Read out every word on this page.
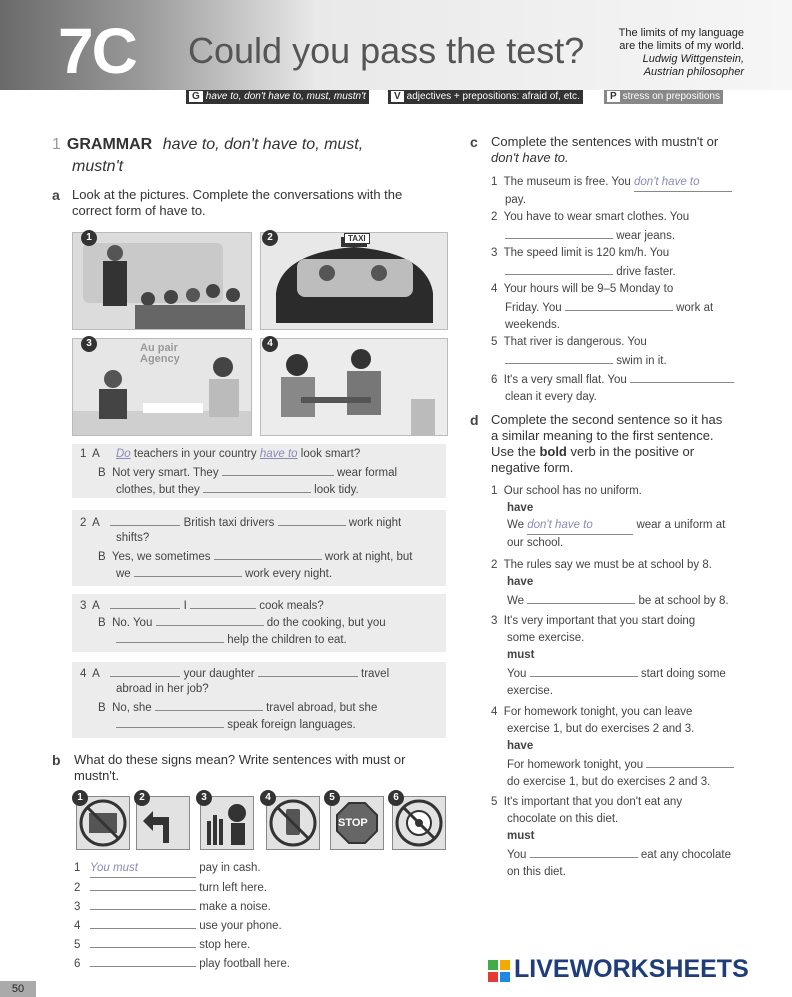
7C Could you pass the test?	The limits of my language
are the limits of my world.
Ludwig Wittgenstein,
Austrian philosopher
G have to, don't have to, must, mustn't	V adjectives + prepositions: afraid of, etc.	P stress on prepositions
1 GRAMMAR have to, don't have to, must,
mustn't
a Look at the pictures. Complete the conversations with the
correct form of have to.
1	2	TAXI
Au pair Agency
3	4
1 A Do teachers in your country have to look smart?
B Not very smart. They	wear formal
clothes, but they	look tidy.
2 A	British taxi drivers	work night
shifts?
B Yes, we sometimes	work at night, but
we	work every night.
3 A	I	cook meals?
B No. You	do the cooking, but you
help the children to eat.
4 A	your daughter	travel
abroad in her job?
B No, she	travel abroad, but she
speak foreign languages.
b What do these signs mean? Write sentences with must or
mustn't.
STOP
1	2	3	4	5	6
1 You must	pay in cash.
2	turn left here.
3	make a noise.
4	use your phone.
5	stop here.
6	play football here.
c Complete the sentences with mustn't or
don't have to.
1 The museum is free. You don't have to
pay.
2 You have to wear smart clothes. You
wear jeans.
3 The speed limit is 120 km/h. You
drive faster.
4 Your hours will be 9–5 Monday to
Friday. You	work at
weekends.
5 That river is dangerous. You
swim in it.
6 It's a very small flat. You
clean it every day.
d Complete the second sentence so it has
a similar meaning to the first sentence.
Use the bold verb in the positive or
negative form.
1 Our school has no uniform.
have
We don't have to	wear a uniform at
our school.
2 The rules say we must be at school by 8.
have
We	be at school by 8.
3 It's very important that you start doing
some exercise.
must
You	start doing some
exercise.
4 For homework tonight, you can leave
exercise 1, but do exercises 2 and 3.
have
For homework tonight, you
do exercise 1, but do exercises 2 and 3.
5 It's important that you don't eat any
chocolate on this diet.
must
You	eat any chocolate
on this diet.
50
LIVEWORKSHEETS
